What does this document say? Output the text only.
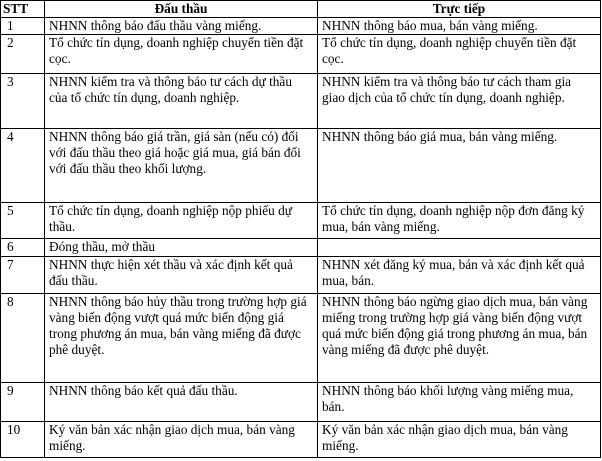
STT	Đấu thầu	Trực tiếp
1	NHNN thông báo đấu thầu vàng miếng.	NHNN thông báo mua, bán vàng miếng.
2	Tổ chức tín dụng, doanh nghiệp chuyển tiền đặt cọc.	Tổ chức tín dụng, doanh nghiệp chuyển tiền đặt cọc.
3	NHNN kiểm tra và thông báo tư cách dự thầu của tổ chức tín dụng, doanh nghiệp.	NHNN kiểm tra và thông báo tư cách tham gia giao dịch của tổ chức tín dụng, doanh nghiệp.
4	NHNN thông báo giá trần, giá sàn (nếu có) đối với đấu thầu theo giá hoặc giá mua, giá bán đối với đấu thầu theo khối lượng.	NHNN thông báo giá mua, bán vàng miếng.
5	Tổ chức tín dụng, doanh nghiệp nộp phiếu dự thầu.	Tổ chức tín dụng, doanh nghiệp nộp đơn đăng ký mua, bán vàng miếng.
6	Đóng thầu, mở thầu	
7	NHNN thực hiện xét thầu và xác định kết quả đấu thầu.	NHNN xét đăng ký mua, bán và xác định kết quả mua, bán.
8	NHNN thông báo hủy thầu trong trường hợp giá vàng biến động vượt quá mức biến động giá trong phương án mua, bán vàng miếng đã được phê duyệt.	NHNN thông báo ngừng giao dịch mua, bán vàng miếng trong trường hợp giá vàng biến động vượt quá mức biến động giá trong phương án mua, bán vàng miếng đã được phê duyệt.
9	NHNN thông báo kết quả đấu thầu.	NHNN thông báo khối lượng vàng miếng mua, bán.
10	Ký văn bản xác nhận giao dịch mua, bán vàng miếng.	Ký văn bản xác nhận giao dịch mua, bán vàng miếng.
